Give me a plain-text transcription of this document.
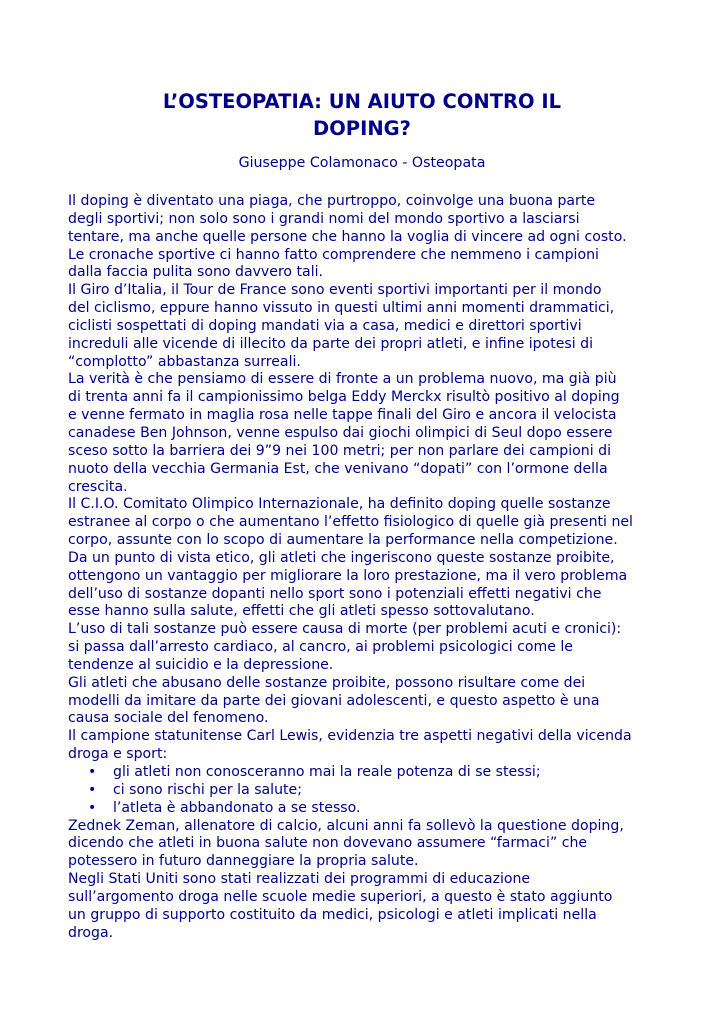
L’OSTEOPATIA: UN AIUTO CONTRO IL
DOPING?

Giuseppe Colamonaco - Osteopata

Il doping è diventato una piaga, che purtroppo, coinvolge una buona parte
degli sportivi; non solo sono i grandi nomi del mondo sportivo a lasciarsi
tentare, ma anche quelle persone che hanno la voglia di vincere ad ogni costo.
Le cronache sportive ci hanno fatto comprendere che nemmeno i campioni
dalla faccia pulita sono davvero tali.
Il Giro d’Italia, il Tour de France sono eventi sportivi importanti per il mondo
del ciclismo, eppure hanno vissuto in questi ultimi anni momenti drammatici,
ciclisti sospettati di doping mandati via a casa, medici e direttori sportivi
increduli alle vicende di illecito da parte dei propri atleti, e infine ipotesi di
“complotto” abbastanza surreali.
La verità è che pensiamo di essere di fronte a un problema nuovo, ma già più
di trenta anni fa il campionissimo belga Eddy Merckx risultò positivo al doping
e venne fermato in maglia rosa nelle tappe finali del Giro e ancora il velocista
canadese Ben Johnson, venne espulso dai giochi olimpici di Seul dopo essere
sceso sotto la barriera dei 9”9 nei 100 metri; per non parlare dei campioni di
nuoto della vecchia Germania Est, che venivano “dopati” con l’ormone della
crescita.
Il C.I.O. Comitato Olimpico Internazionale, ha definito doping quelle sostanze
estranee al corpo o che aumentano l’effetto fisiologico di quelle già presenti nel
corpo, assunte con lo scopo di aumentare la performance nella competizione.
Da un punto di vista etico, gli atleti che ingeriscono queste sostanze proibite,
ottengono un vantaggio per migliorare la loro prestazione, ma il vero problema
dell’uso di sostanze dopanti nello sport sono i potenziali effetti negativi che
esse hanno sulla salute, effetti che gli atleti spesso sottovalutano.
L’uso di tali sostanze può essere causa di morte (per problemi acuti e cronici):
si passa dall’arresto cardiaco, al cancro, ai problemi psicologici come le
tendenze al suicidio e la depressione.
Gli atleti che abusano delle sostanze proibite, possono risultare come dei
modelli da imitare da parte dei giovani adolescenti, e questo aspetto è una
causa sociale del fenomeno.
Il campione statunitense Carl Lewis, evidenzia tre aspetti negativi della vicenda
droga e sport:
• gli atleti non conosceranno mai la reale potenza di se stessi;
• ci sono rischi per la salute;
• l’atleta è abbandonato a se stesso.
Zednek Zeman, allenatore di calcio, alcuni anni fa sollevò la questione doping,
dicendo che atleti in buona salute non dovevano assumere “farmaci” che
potessero in futuro danneggiare la propria salute.
Negli Stati Uniti sono stati realizzati dei programmi di educazione
sull’argomento droga nelle scuole medie superiori, a questo è stato aggiunto
un gruppo di supporto costituito da medici, psicologi e atleti implicati nella
droga.
